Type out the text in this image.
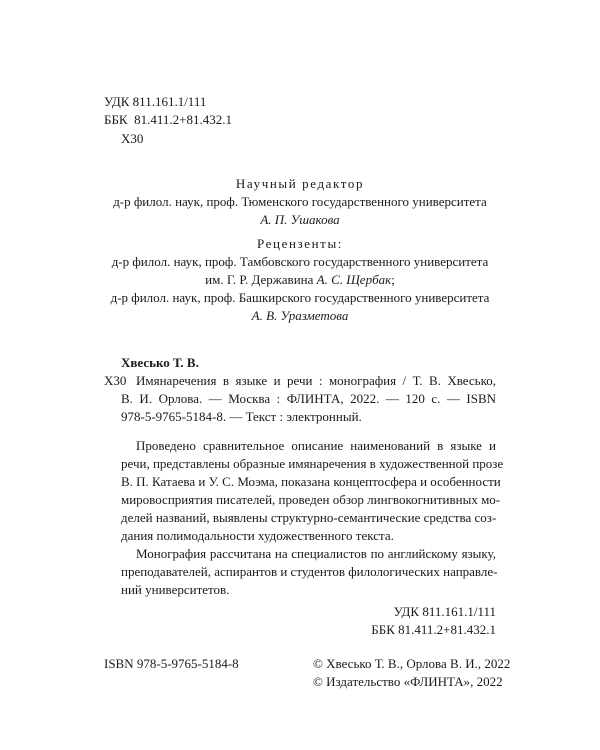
УДК 811.161.1/111
ББК  81.411.2+81.432.1
Х30
Научный редактор
д-р филол. наук, проф. Тюменского государственного университета
А. П. Ушакова
Рецензенты:
д-р филол. наук, проф. Тамбовского государственного университета
им. Г. Р. Державина А. С. Щербак;
д-р филол. наук, проф. Башкирского государственного университета
А. В. Уразметова
Хвесько Т. В.
Х30 Имянаречения в языке и речи : монография / Т. В. Хвесько,
В. И. Орлова. — Москва : ФЛИНТА, 2022. — 120 с. — ISBN
978-5-9765-5184-8. — Текст : электронный.
Проведено сравнительное описание наименований в языке и
речи, представлены образные имянаречения в художественной прозе
В. П. Катаева и У. С. Моэма, показана концептосфера и особенности
мировосприятия писателей, проведен обзор лингвокогнитивных мо-
делей названий, выявлены структурно-семантические средства соз-
дания полимодальности художественного текста.
Монография рассчитана на специалистов по английскому языку,
преподавателей, аспирантов и студентов филологических направле-
ний университетов.
УДК 811.161.1/111
ББК 81.411.2+81.432.1
ISBN 978-5-9765-5184-8	© Хвесько Т. В., Орлова В. И., 2022
© Издательство «ФЛИНТА», 2022
